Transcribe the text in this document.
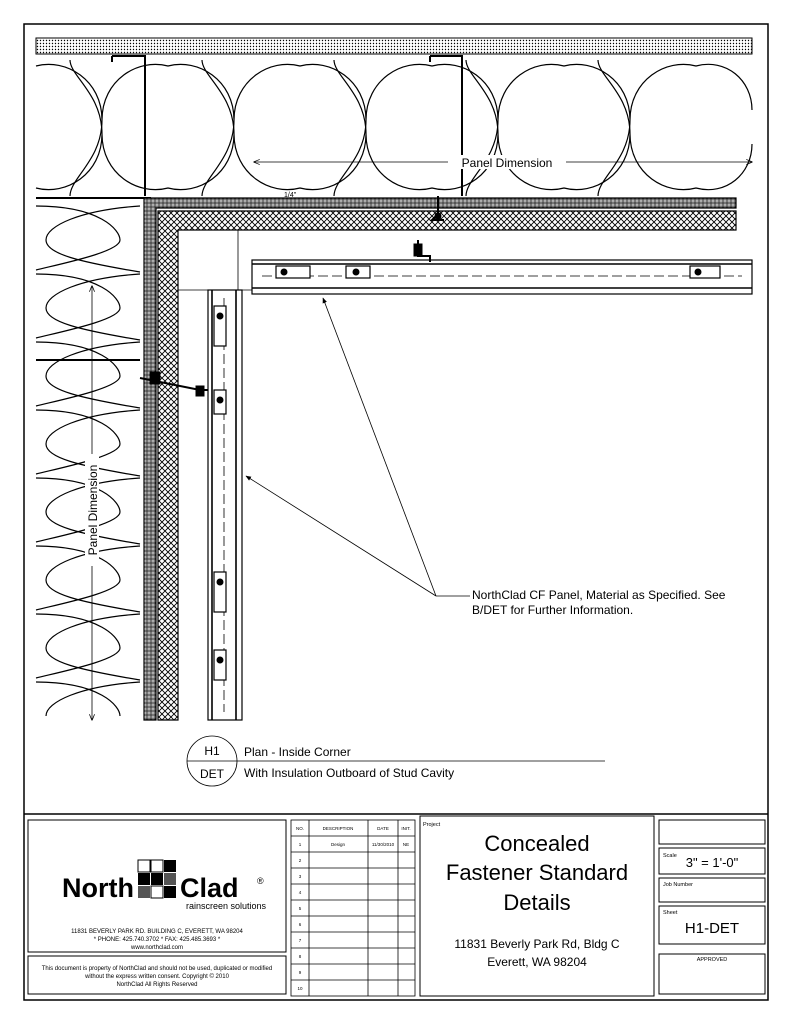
Panel Dimension
Panel Dimension
1/4"
NorthClad CF Panel, Material as Specified. See
B/DET for Further Information.
H1
DET
Plan - Inside Corner
With Insulation Outboard of Stud Cavity
North Clad ®
rainscreen solutions
11831 BEVERLY PARK RD. BUILDING C, EVERETT, WA 98204
* PHONE: 425.740.3702 * FAX: 425.485.3693 *
www.northclad.com
This document is property of NorthClad and should not be used, duplicated or modified
without the express written consent. Copyright © 2010
NorthClad All Rights Reserved
NO.	DESCRIPTION	DATE	INIT.
1	Design	11/30/2010 NE
2
3
4
5
6
7
8
9
10
Project
Concealed
Fastener Standard
Details
11831 Beverly Park Rd, Bldg C
Everett, WA 98204
Scale 3" = 1'-0"
Job Number
Sheet
H1-DET
APPROVED
